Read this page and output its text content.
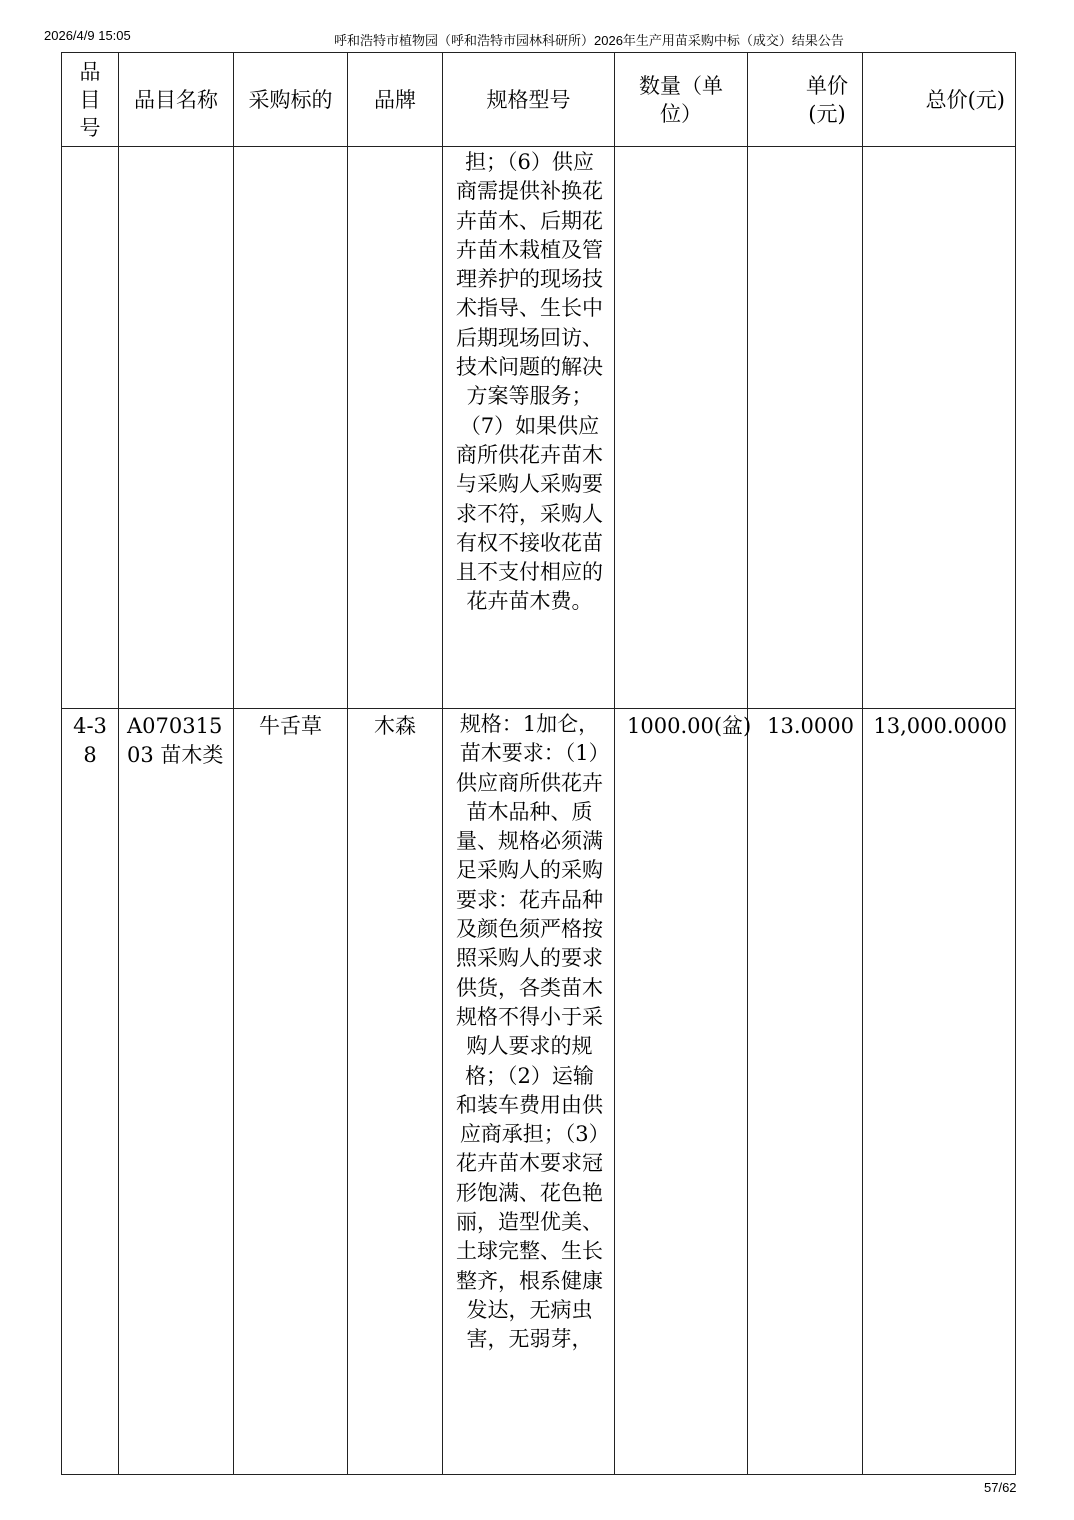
2026/4/9 15:05	呼和浩特市植物园（呼和浩特市园林科研所）2026年生产用苗采购中标（成交）结果公告
品目号	品目名称	采购标的	品牌	规格型号	数量（单位）	单价(元)	总价(元)
				担；（6）供应商需提供补换花卉苗木、后期花卉苗木栽植及管理养护的现场技术指导、生长中后期现场回访、技术问题的解决方案等服务；（7）如果供应商所供花卉苗木与采购人采购要求不符，采购人有权不接收花苗且不支付相应的花卉苗木费。			
4-38	A07031503 苗木类	牛舌草	木森	规格：1加仑，苗木要求：（1）供应商所供花卉苗木品种、质量、规格必须满足采购人的采购要求：花卉品种及颜色须严格按照采购人的要求供货，各类苗木规格不得小于采购人要求的规格；（2）运输和装车费用由供应商承担；（3）花卉苗木要求冠形饱满、花色艳丽，造型优美、土球完整、生长整齐，根系健康发达，无病虫害，无弱芽，	1000.00(盆)	13.0000	13,000.0000
57/62
